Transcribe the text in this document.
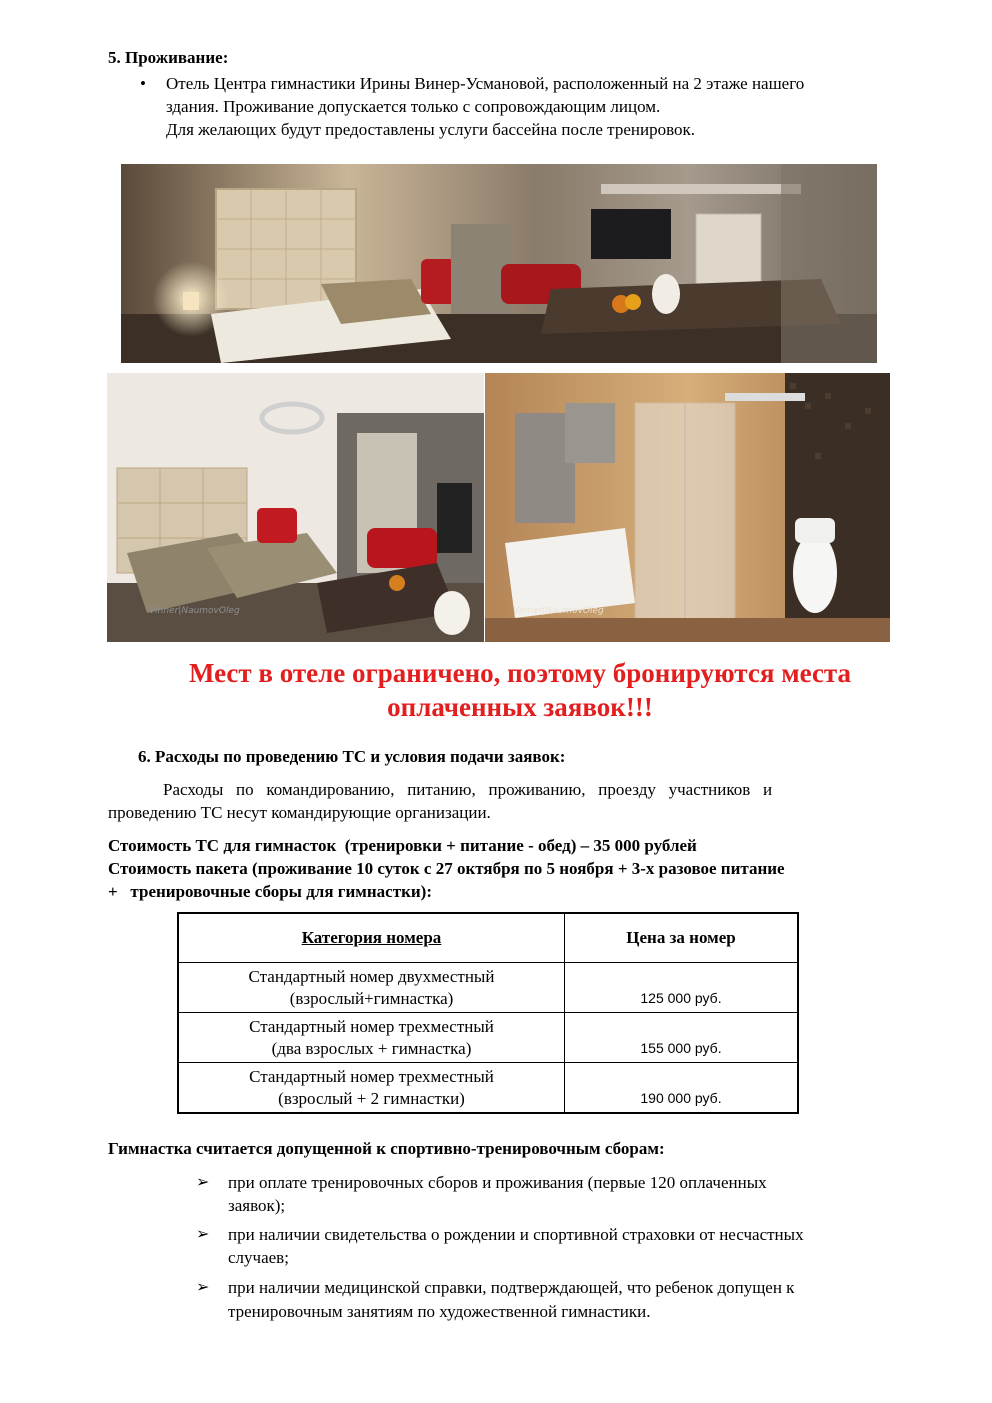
5. Проживание:

• Отель Центра гимнастики Ирины Винер-Усмановой, расположенный на 2 этаже нашего

здания. Проживание допускается только с сопровождающим лицом.

Для желающих будут предоставлены услуги бассейна после тренировок.

Vinner|NaumovOleg	Vinner|NaumovOleg
Мест в отеле ограничено, поэтому бронируются места
оплаченных заявок!!!

6. Расходы по проведению ТС и условия подачи заявок:

Расходы   по   командированию,   питанию,   проживанию,   проезду   участников   и

проведению ТС несут командирующие организации.

Стоимость ТС для гимнасток  (тренировки + питание - обед) – 35 000 рублей

Стоимость пакета (проживание 10 суток с 27 октября по 5 ноября + 3-х разовое питание

+   тренировочные сборы для гимнастки):

Категория номера	Цена за номер

Стандартный номер двухместный
(взрослый+гимнастка)	125 000 руб.

Стандартный номер трехместный
(два взрослых + гимнастка)	155 000 руб.

Стандартный номер трехместный
(взрослый + 2 гимнастки)	190 000 руб.

Гимнастка считается допущенной к спортивно-тренировочным сборам:

➢ при оплате тренировочных сборов и проживания (первые 120 оплаченных

заявок);

➢ при наличии свидетельства о рождении и спортивной страховки от несчастных

случаев;

➢ при наличии медицинской справки, подтверждающей, что ребенок допущен к

тренировочным занятиям по художественной гимнастики.
